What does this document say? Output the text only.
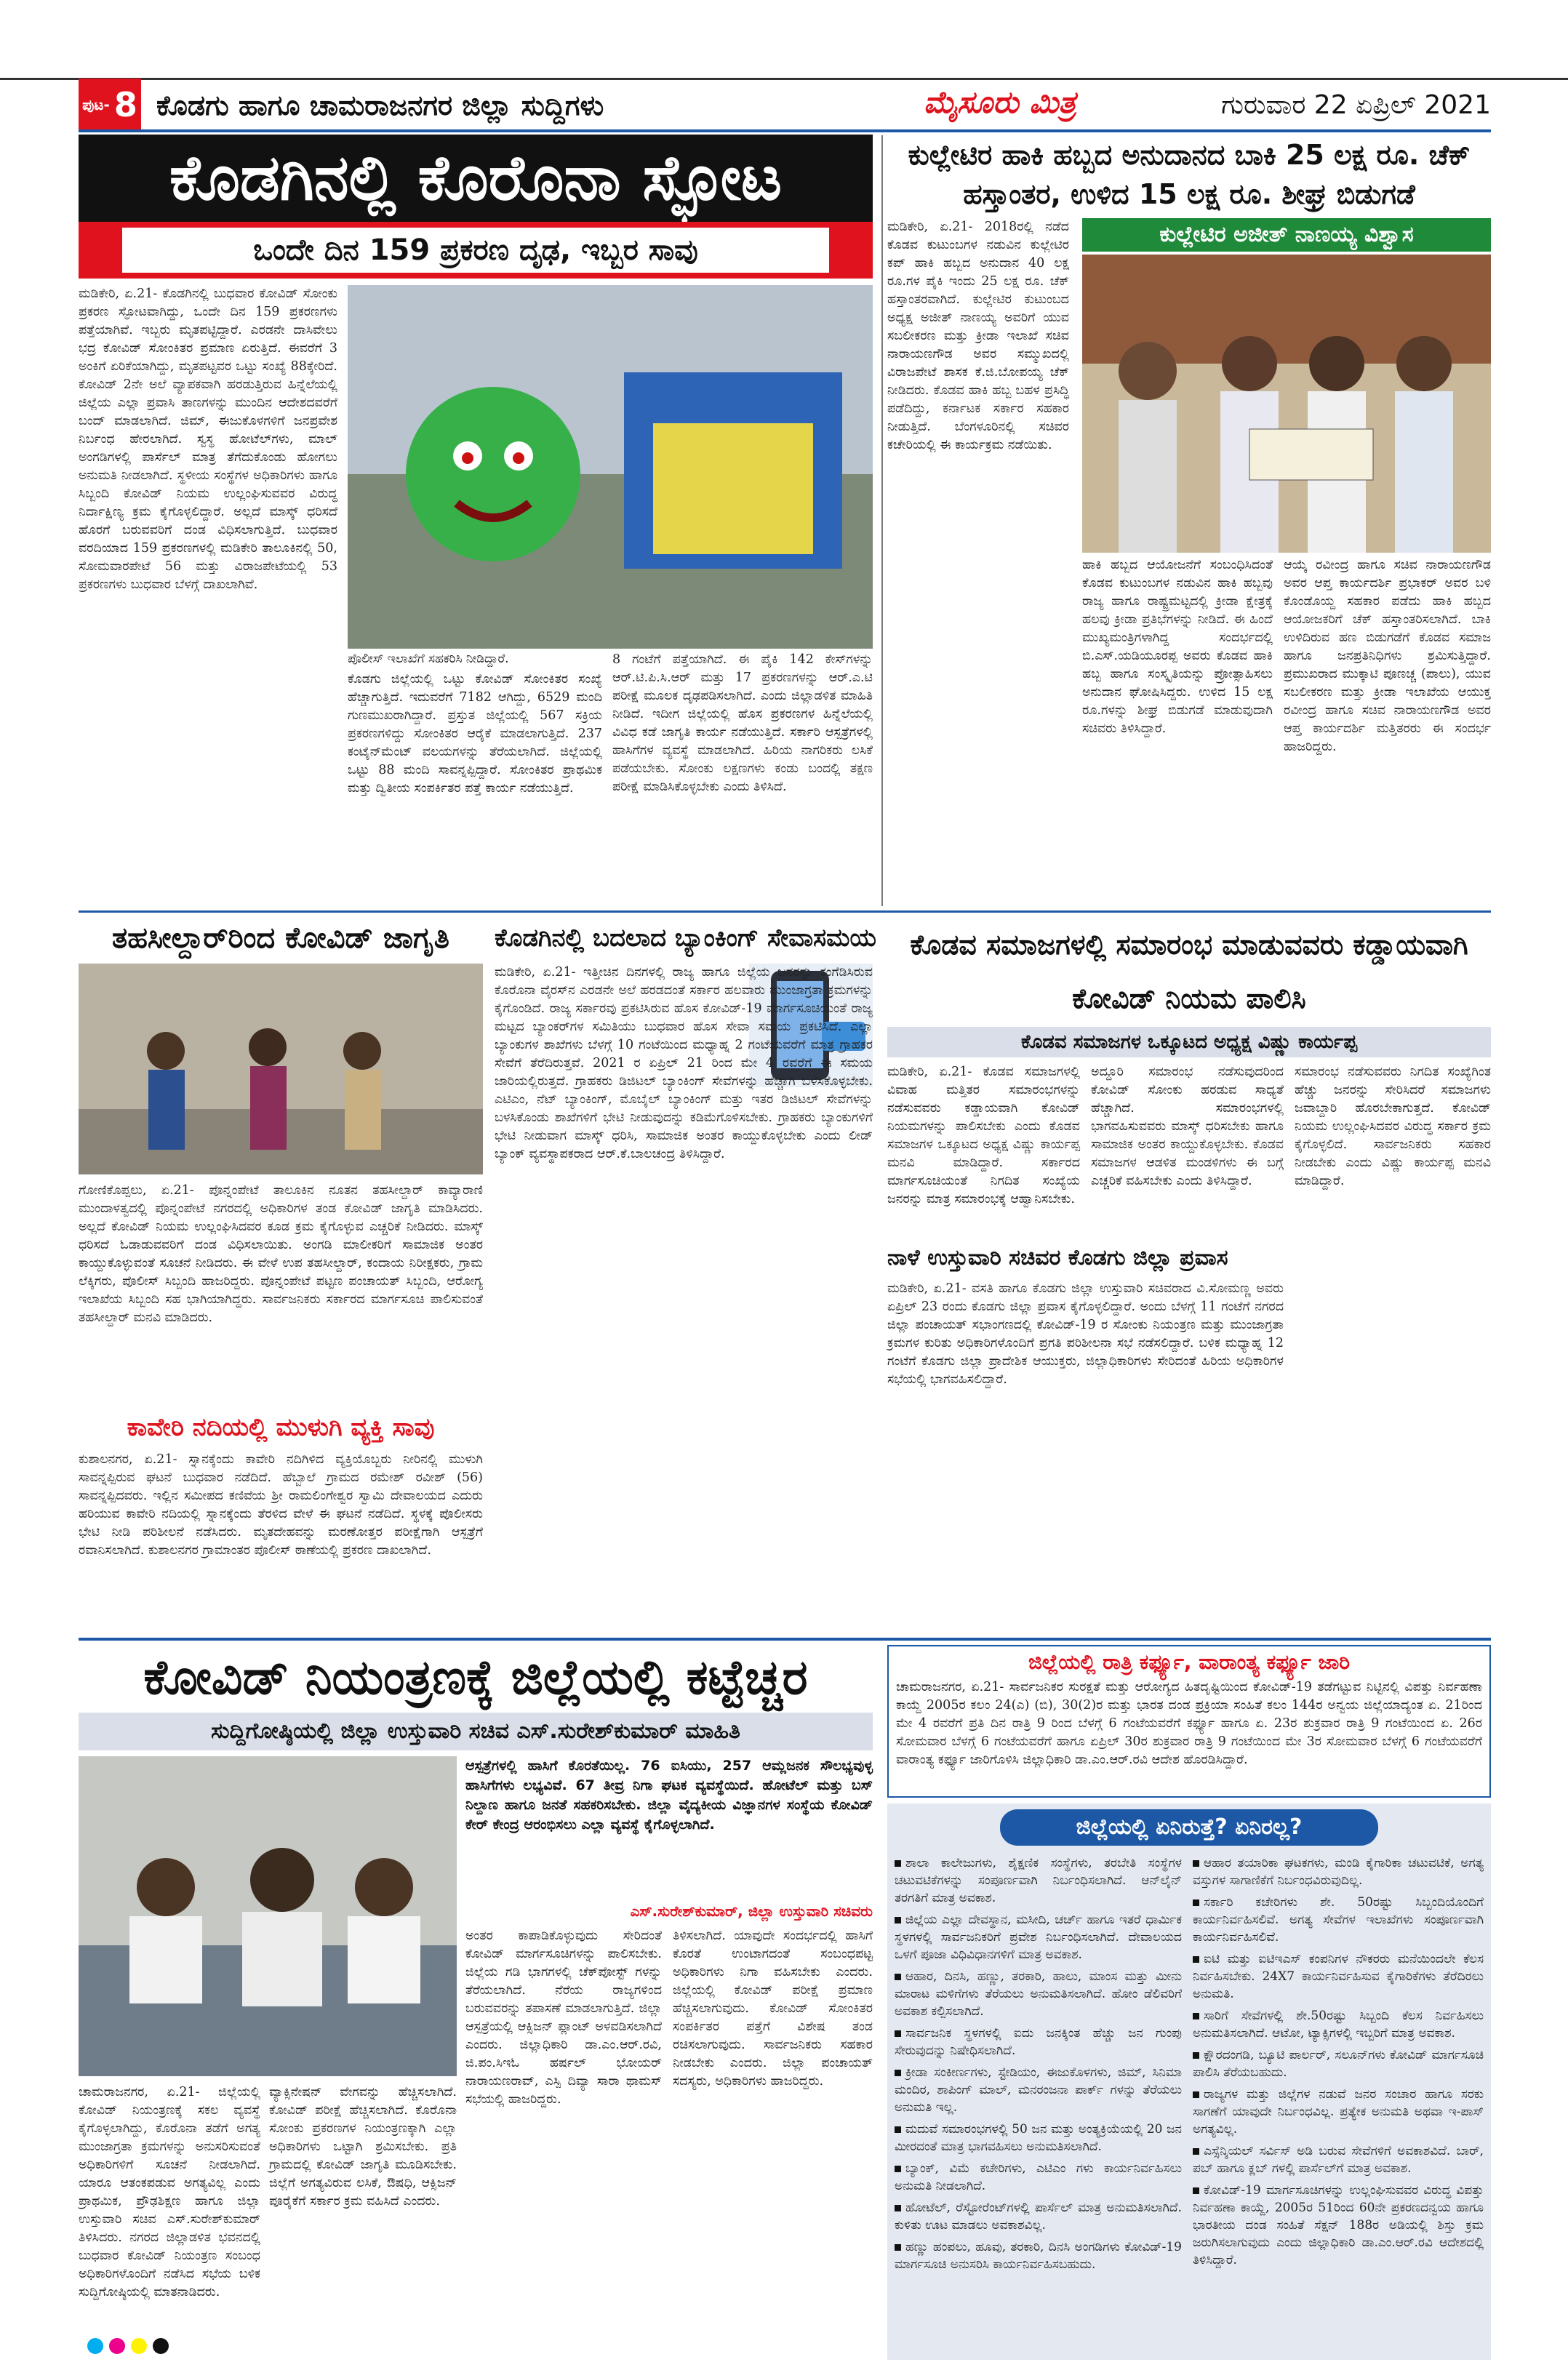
ಪುಟ- 8 ಕೊಡಗು ಹಾಗೂ ಚಾಮರಾಜನಗರ ಜಿಲ್ಲಾ ಸುದ್ದಿಗಳು	ಮೈಸೂರು ಮಿತ್ರ	ಗುರುವಾರ 22 ಏಪ್ರಿಲ್ 2021
ಕೊಡಗಿನಲ್ಲಿ ಕೊರೊನಾ ಸ್ಫೋಟ
ಒಂದೇ ದಿನ 159 ಪ್ರಕರಣ ದೃಢ, ಇಬ್ಬರ ಸಾವು
ಮಡಿಕೇರಿ, ಏ.21- ಕೊಡಗಿನಲ್ಲಿ ಬುಧವಾರ ಕೋವಿಡ್ ಸೋಂಕು ಪ್ರಕರಣ ಸ್ಫೋಟವಾಗಿದ್ದು, ಒಂದೇ ದಿನ 159 ಪ್ರಕರಣಗಳು ಪತ್ತೆಯಾಗಿವೆ. ಇಬ್ಬರು ಮೃತಪಟ್ಟಿದ್ದಾರೆ. ಎರಡನೇ ದಾಸಿವೇಲು ಭದ್ರ ಕೋವಿಡ್ ಸೋಂಕಿತರ ಪ್ರಮಾಣ ಏರುತ್ತಿದೆ. ಈವರೆಗೆ 3 ಅಂಕಿಗೆ ಏರಿಕೆಯಾಗಿದ್ದು, ಮೃತಪಟ್ಟವರ ಒಟ್ಟು ಸಂಖ್ಯೆ 88ಕ್ಕೇರಿದೆ. ಕೋವಿಡ್ 2ನೇ ಅಲೆ ವ್ಯಾಪಕವಾಗಿ ಹರಡುತ್ತಿರುವ ಹಿನ್ನೆಲೆಯಲ್ಲಿ ಜಿಲ್ಲೆಯ ಎಲ್ಲಾ ಪ್ರವಾಸಿ ತಾಣಗಳನ್ನು ಮುಂದಿನ ಆದೇಶದವರೆಗೆ ಬಂದ್ ಮಾಡಲಾಗಿದೆ. ಜಿಮ್, ಈಜುಕೊಳಗಳಿಗೆ ಜನಪ್ರವೇಶ ನಿರ್ಬಂಧ ಹೇರಲಾಗಿದೆ. ಸ್ವಸ್ಥ ಹೋಟೆಲ್‌ಗಳು, ಮಾಲ್ ಅಂಗಡಿಗಳಲ್ಲಿ ಪಾರ್ಸೆಲ್ ಮಾತ್ರ ತೆಗೆದುಕೊಂಡು ಹೋಗಲು ಅನುಮತಿ ನೀಡಲಾಗಿದೆ. ಸ್ಥಳೀಯ ಸಂಸ್ಥೆಗಳ ಅಧಿಕಾರಿಗಳು ಹಾಗೂ ಸಿಬ್ಬಂದಿ ಕೋವಿಡ್ ನಿಯಮ ಉಲ್ಲಂಘಿಸುವವರ ವಿರುದ್ಧ ನಿರ್ದಾಕ್ಷಿಣ್ಯ ಕ್ರಮ ಕೈಗೊಳ್ಳಲಿದ್ದಾರೆ. ಅಲ್ಲದೆ ಮಾಸ್ಕ್ ಧರಿಸದೆ ಹೊರಗೆ ಬರುವವರಿಗೆ ದಂಡ ವಿಧಿಸಲಾಗುತ್ತಿದೆ. ಬುಧವಾರ ವರದಿಯಾದ 159 ಪ್ರಕರಣಗಳಲ್ಲಿ ಮಡಿಕೇರಿ ತಾಲೂಕಿನಲ್ಲಿ 50, ಸೋಮವಾರಪೇಟೆ 56 ಮತ್ತು ವಿರಾಜಪೇಟೆಯಲ್ಲಿ 53 ಪ್ರಕರಣಗಳು ಬುಧವಾರ ಬೆಳಗ್ಗೆ ದಾಖಲಾಗಿವೆ.
ಪೊಲೀಸ್ ಇಲಾಖೆಗೆ ಸಹಕರಿಸಿ ನೀಡಿದ್ದಾರೆ.
ಕೊಡಗು ಜಿಲ್ಲೆಯಲ್ಲಿ ಒಟ್ಟು ಕೋವಿಡ್ ಸೋಂಕಿತರ ಸಂಖ್ಯೆ ಹೆಚ್ಚಾಗುತ್ತಿದೆ. ಇದುವರೆಗೆ 7182 ಆಗಿದ್ದು, 6529 ಮಂದಿ ಗುಣಮುಖರಾಗಿದ್ದಾರೆ. ಪ್ರಸ್ತುತ ಜಿಲ್ಲೆಯಲ್ಲಿ 567 ಸಕ್ರಿಯ ಪ್ರಕರಣಗಳಿದ್ದು ಸೋಂಕಿತರ ಆರೈಕೆ ಮಾಡಲಾಗುತ್ತಿದೆ. 237 ಕಂಟೈನ್‌ಮೆಂಟ್ ವಲಯಗಳನ್ನು ತೆರೆಯಲಾಗಿದೆ. ಜಿಲ್ಲೆಯಲ್ಲಿ ಒಟ್ಟು 88 ಮಂದಿ ಸಾವನ್ನಪ್ಪಿದ್ದಾರೆ. ಸೋಂಕಿತರ ಪ್ರಾಥಮಿಕ ಮತ್ತು ದ್ವಿತೀಯ ಸಂಪರ್ಕಿತರ ಪತ್ತೆ ಕಾರ್ಯ ನಡೆಯುತ್ತಿದೆ.
8 ಗಂಟೆಗೆ ಪತ್ತೆಯಾಗಿದೆ. ಈ ಪೈಕಿ 142 ಕೇಸ್‌ಗಳನ್ನು ಆರ್.ಟಿ.ಪಿ.ಸಿ.ಆರ್ ಮತ್ತು 17 ಪ್ರಕರಣಗಳನ್ನು ಆರ್.ಎ.ಟಿ ಪರೀಕ್ಷೆ ಮೂಲಕ ದೃಢಪಡಿಸಲಾಗಿದೆ. ಎಂದು ಜಿಲ್ಲಾಡಳಿತ ಮಾಹಿತಿ ನೀಡಿದೆ. ಇದೀಗ ಜಿಲ್ಲೆಯಲ್ಲಿ ಹೊಸ ಪ್ರಕರಣಗಳ ಹಿನ್ನೆಲೆಯಲ್ಲಿ ವಿವಿಧ ಕಡೆ ಜಾಗೃತಿ ಕಾರ್ಯ ನಡೆಯುತ್ತಿದೆ. ಸರ್ಕಾರಿ ಆಸ್ಪತ್ರೆಗಳಲ್ಲಿ ಹಾಸಿಗೆಗಳ ವ್ಯವಸ್ಥೆ ಮಾಡಲಾಗಿದೆ. ಹಿರಿಯ ನಾಗರಿಕರು ಲಸಿಕೆ ಪಡೆಯಬೇಕು. ಸೋಂಕು ಲಕ್ಷಣಗಳು ಕಂಡು ಬಂದಲ್ಲಿ ತಕ್ಷಣ ಪರೀಕ್ಷೆ ಮಾಡಿಸಿಕೊಳ್ಳಬೇಕು ಎಂದು ತಿಳಿಸಿದೆ.
ಕುಲ್ಲೇಟಿರ ಹಾಕಿ ಹಬ್ಬದ ಅನುದಾನದ ಬಾಕಿ 25 ಲಕ್ಷ ರೂ. ಚೆಕ್ ಹಸ್ತಾಂತರ, ಉಳಿದ 15 ಲಕ್ಷ ರೂ. ಶೀಘ್ರ ಬಿಡುಗಡೆ
ಮಡಿಕೇರಿ, ಏ.21- 2018ರಲ್ಲಿ ನಡೆದ ಕೊಡವ ಕುಟುಂಬಗಳ ನಡುವಿನ ಕುಲ್ಲೇಟಿರ ಕಪ್ ಹಾಕಿ ಹಬ್ಬದ ಅನುದಾನ 40 ಲಕ್ಷ ರೂ.ಗಳ ಪೈಕಿ ಇಂದು 25 ಲಕ್ಷ ರೂ. ಚೆಕ್ ಹಸ್ತಾಂತರವಾಗಿದೆ. ಕುಲ್ಲೇಟಿರ ಕುಟುಂಬದ ಅಧ್ಯಕ್ಷ ಅಜೀತ್ ನಾಣಯ್ಯ ಅವರಿಗೆ ಯುವ ಸಬಲೀಕರಣ ಮತ್ತು ಕ್ರೀಡಾ ಇಲಾಖೆ ಸಚಿವ ನಾರಾಯಣಗೌಡ ಅವರ ಸಮ್ಮುಖದಲ್ಲಿ ವಿರಾಜಪೇಟೆ ಶಾಸಕ ಕೆ.ಜಿ.ಬೋಪಯ್ಯ ಚೆಕ್ ನೀಡಿದರು. ಕೊಡವ ಹಾಕಿ ಹಬ್ಬ ಬಹಳ ಪ್ರಸಿದ್ಧಿ ಪಡೆದಿದ್ದು, ಕರ್ನಾಟಕ ಸರ್ಕಾರ ಸಹಕಾರ ನೀಡುತ್ತಿದೆ. ಬೆಂಗಳೂರಿನಲ್ಲಿ ಸಚಿವರ ಕಚೇರಿಯಲ್ಲಿ ಈ ಕಾರ್ಯಕ್ರಮ ನಡೆಯಿತು.
ಕುಲ್ಲೇಟಿರ ಅಜೀತ್ ನಾಣಯ್ಯ ವಿಶ್ವಾಸ
ಹಾಕಿ ಹಬ್ಬದ ಆಯೋಜನೆಗೆ ಸಂಬಂಧಿಸಿದಂತೆ ಕೊಡವ ಕುಟುಂಬಗಳ ನಡುವಿನ ಹಾಕಿ ಹಬ್ಬವು ರಾಜ್ಯ ಹಾಗೂ ರಾಷ್ಟ್ರಮಟ್ಟದಲ್ಲಿ ಕ್ರೀಡಾ ಕ್ಷೇತ್ರಕ್ಕೆ ಹಲವು ಕ್ರೀಡಾ ಪ್ರತಿಭೆಗಳನ್ನು ನೀಡಿದೆ. ಈ ಹಿಂದೆ ಮುಖ್ಯಮಂತ್ರಿಗಳಾಗಿದ್ದ ಸಂದರ್ಭದಲ್ಲಿ ಬಿ.ಎಸ್.ಯಡಿಯೂರಪ್ಪ ಅವರು ಕೊಡವ ಹಾಕಿ ಹಬ್ಬ ಹಾಗೂ ಸಂಸ್ಕೃತಿಯನ್ನು ಪ್ರೋತ್ಸಾಹಿಸಲು ಅನುದಾನ ಘೋಷಿಸಿದ್ದರು. ಉಳಿದ 15 ಲಕ್ಷ ರೂ.ಗಳನ್ನು ಶೀಘ್ರ ಬಿಡುಗಡೆ ಮಾಡುವುದಾಗಿ ಸಚಿವರು ತಿಳಿಸಿದ್ದಾರೆ.
ಆಯ್ಕೆ ರವೀಂದ್ರ ಹಾಗೂ ಸಚಿವ ನಾರಾಯಣಗೌಡ ಅವರ ಆಪ್ತ ಕಾರ್ಯದರ್ಶಿ ಪ್ರಭಾಕರ್ ಅವರ ಬಳಿ ಕೊಂಡೊಯ್ದ ಸಹಕಾರ ಪಡೆದು ಹಾಕಿ ಹಬ್ಬದ ಆಯೋಜಕರಿಗೆ ಚೆಕ್ ಹಸ್ತಾಂತರಿಸಲಾಗಿದೆ. ಬಾಕಿ ಉಳಿದಿರುವ ಹಣ ಬಿಡುಗಡೆಗೆ ಕೊಡವ ಸಮಾಜ ಹಾಗೂ ಜನಪ್ರತಿನಿಧಿಗಳು ಶ್ರಮಿಸುತ್ತಿದ್ದಾರೆ. ಪ್ರಮುಖರಾದ ಮುಕ್ಕಾಟಿ ಪೂಣಚ್ಚ (ಪಾಲು), ಯುವ ಸಬಲೀಕರಣ ಮತ್ತು ಕ್ರೀಡಾ ಇಲಾಖೆಯ ಆಯುಕ್ತ ರವೀಂದ್ರ ಹಾಗೂ ಸಚಿವ ನಾರಾಯಣಗೌಡ ಅವರ ಆಪ್ತ ಕಾರ್ಯದರ್ಶಿ ಮತ್ತಿತರರು ಈ ಸಂದರ್ಭ ಹಾಜರಿದ್ದರು.
ತಹಸೀಲ್ದಾರ್‌ರಿಂದ ಕೋವಿಡ್ ಜಾಗೃತಿ
ಗೋಣಿಕೊಪ್ಪಲು, ಏ.21- ಪೊನ್ನಂಪೇಟೆ ತಾಲೂಕಿನ ನೂತನ ತಹಸೀಲ್ದಾರ್ ಕಾವ್ಯಾರಾಣಿ ಮುಂದಾಳತ್ವದಲ್ಲಿ ಪೊನ್ನಂಪೇಟೆ ನಗರದಲ್ಲಿ ಅಧಿಕಾರಿಗಳ ತಂಡ ಕೋವಿಡ್ ಜಾಗೃತಿ ಮಾಡಿಸಿದರು. ಅಲ್ಲದೆ ಕೋವಿಡ್ ನಿಯಮ ಉಲ್ಲಂಘಿಸಿದವರ ಕೂಡ ಕ್ರಮ ಕೈಗೊಳ್ಳುವ ಎಚ್ಚರಿಕೆ ನೀಡಿದರು. ಮಾಸ್ಕ್ ಧರಿಸದೆ ಓಡಾಡುವವರಿಗೆ ದಂಡ ವಿಧಿಸಲಾಯಿತು. ಅಂಗಡಿ ಮಾಲೀಕರಿಗೆ ಸಾಮಾಜಿಕ ಅಂತರ ಕಾಯ್ದುಕೊಳ್ಳುವಂತೆ ಸೂಚನೆ ನೀಡಿದರು. ಈ ವೇಳೆ ಉಪ ತಹಸೀಲ್ದಾರ್, ಕಂದಾಯ ನಿರೀಕ್ಷಕರು, ಗ್ರಾಮ ಲೆಕ್ಕಿಗರು, ಪೊಲೀಸ್ ಸಿಬ್ಬಂದಿ ಹಾಜರಿದ್ದರು. ಪೊನ್ನಂಪೇಟೆ ಪಟ್ಟಣ ಪಂಚಾಯತ್ ಸಿಬ್ಬಂದಿ, ಆರೋಗ್ಯ ಇಲಾಖೆಯ ಸಿಬ್ಬಂದಿ ಸಹ ಭಾಗಿಯಾಗಿದ್ದರು. ಸಾರ್ವಜನಿಕರು ಸರ್ಕಾರದ ಮಾರ್ಗಸೂಚಿ ಪಾಲಿಸುವಂತೆ ತಹಸೀಲ್ದಾರ್ ಮನವಿ ಮಾಡಿದರು.
ಕಾವೇರಿ ನದಿಯಲ್ಲಿ ಮುಳುಗಿ ವ್ಯಕ್ತಿ ಸಾವು
ಕುಶಾಲನಗರ, ಏ.21- ಸ್ನಾನಕ್ಕೆಂದು ಕಾವೇರಿ ನದಿಗಿಳಿದ ವ್ಯಕ್ತಿಯೊಬ್ಬರು ನೀರಿನಲ್ಲಿ ಮುಳುಗಿ ಸಾವನ್ನಪ್ಪಿರುವ ಘಟನೆ ಬುಧವಾರ ನಡೆದಿದೆ. ಹೆಬ್ಬಾಲೆ ಗ್ರಾಮದ ರಮೇಶ್ ರವೀಶ್ (56) ಸಾವನ್ನಪ್ಪಿದವರು. ಇಲ್ಲಿನ ಸಮೀಪದ ಕಣಿವೆಯ ಶ್ರೀ ರಾಮಲಿಂಗೇಶ್ವರ ಸ್ವಾಮಿ ದೇವಾಲಯದ ಎದುರು ಹರಿಯುವ ಕಾವೇರಿ ನದಿಯಲ್ಲಿ ಸ್ನಾನಕ್ಕೆಂದು ತೆರಳಿದ ವೇಳೆ ಈ ಘಟನೆ ನಡೆದಿದೆ. ಸ್ಥಳಕ್ಕೆ ಪೊಲೀಸರು ಭೇಟಿ ನೀಡಿ ಪರಿಶೀಲನೆ ನಡೆಸಿದರು. ಮೃತದೇಹವನ್ನು ಮರಣೋತ್ತರ ಪರೀಕ್ಷೆಗಾಗಿ ಆಸ್ಪತ್ರೆಗೆ ರವಾನಿಸಲಾಗಿದೆ. ಕುಶಾಲನಗರ ಗ್ರಾಮಾಂತರ ಪೊಲೀಸ್ ಠಾಣೆಯಲ್ಲಿ ಪ್ರಕರಣ ದಾಖಲಾಗಿದೆ.
ಕೊಡಗಿನಲ್ಲಿ ಬದಲಾದ ಬ್ಯಾಂಕಿಂಗ್ ಸೇವಾಸಮಯ
ಮಡಿಕೇರಿ, ಏ.21- ಇತ್ತೀಚಿನ ದಿನಗಳಲ್ಲಿ ರಾಜ್ಯ ಹಾಗೂ ಜಿಲ್ಲೆಯ ಜನರನ್ನು ಕಂಗೆಡಿಸಿರುವ ಕೊರೊನಾ ವೈರಸ್‌ನ ಎರಡನೇ ಅಲೆ ಹರಡದಂತೆ ಸರ್ಕಾರ ಹಲವಾರು ಮುಂಜಾಗ್ರತಾ ಕ್ರಮಗಳನ್ನು ಕೈಗೊಂಡಿದೆ. ರಾಜ್ಯ ಸರ್ಕಾರವು ಪ್ರಕಟಿಸಿರುವ ಹೊಸ ಕೋವಿಡ್-19 ಮಾರ್ಗಸೂಚಿಯಂತೆ ರಾಜ್ಯ ಮಟ್ಟದ ಬ್ಯಾಂಕರ್‌ಗಳ ಸಮಿತಿಯು ಬುಧವಾರ ಹೊಸ ಸೇವಾ ಸಮಯ ಪ್ರಕಟಿಸಿದೆ. ಎಲ್ಲಾ ಬ್ಯಾಂಕುಗಳ ಶಾಖೆಗಳು ಬೆಳಗ್ಗೆ 10 ಗಂಟೆಯಿಂದ ಮಧ್ಯಾಹ್ನ 2 ಗಂಟೆಯವರೆಗೆ ಮಾತ್ರ ಗ್ರಾಹಕರ ಸೇವೆಗೆ ತೆರೆದಿರುತ್ತವೆ. 2021 ರ ಏಪ್ರಿಲ್ 21 ರಿಂದ ಮೇ 4 ರವರೆಗೆ ಈ ಸಮಯ ಜಾರಿಯಲ್ಲಿರುತ್ತದೆ. ಗ್ರಾಹಕರು ಡಿಜಿಟಲ್ ಬ್ಯಾಂಕಿಂಗ್ ಸೇವೆಗಳನ್ನು ಹೆಚ್ಚಾಗಿ ಬಳಸಿಕೊಳ್ಳಬೇಕು. ಎಟಿಎಂ, ನೆಟ್ ಬ್ಯಾಂಕಿಂಗ್, ಮೊಬೈಲ್ ಬ್ಯಾಂಕಿಂಗ್ ಮತ್ತು ಇತರ ಡಿಜಿಟಲ್ ಸೇವೆಗಳನ್ನು ಬಳಸಿಕೊಂಡು ಶಾಖೆಗಳಿಗೆ ಭೇಟಿ ನೀಡುವುದನ್ನು ಕಡಿಮೆಗೊಳಿಸಬೇಕು. ಗ್ರಾಹಕರು ಬ್ಯಾಂಕುಗಳಿಗೆ ಭೇಟಿ ನೀಡುವಾಗ ಮಾಸ್ಕ್ ಧರಿಸಿ, ಸಾಮಾಜಿಕ ಅಂತರ ಕಾಯ್ದುಕೊಳ್ಳಬೇಕು ಎಂದು ಲೀಡ್ ಬ್ಯಾಂಕ್ ವ್ಯವಸ್ಥಾಪಕರಾದ ಆರ್.ಕೆ.ಬಾಲಚಂದ್ರ ತಿಳಿಸಿದ್ದಾರೆ.
ಕೊಡವ ಸಮಾಜಗಳಲ್ಲಿ ಸಮಾರಂಭ ಮಾಡುವವರು ಕಡ್ಡಾಯವಾಗಿ ಕೋವಿಡ್ ನಿಯಮ ಪಾಲಿಸಿ
ಕೊಡವ ಸಮಾಜಗಳ ಒಕ್ಕೂಟದ ಅಧ್ಯಕ್ಷ ವಿಷ್ಣು ಕಾರ್ಯಪ್ಪ
ಮಡಿಕೇರಿ, ಏ.21- ಕೊಡವ ಸಮಾಜಗಳಲ್ಲಿ ವಿವಾಹ ಮತ್ತಿತರ ಸಮಾರಂಭಗಳನ್ನು ನಡೆಸುವವರು ಕಡ್ಡಾಯವಾಗಿ ಕೋವಿಡ್ ನಿಯಮಗಳನ್ನು ಪಾಲಿಸಬೇಕು ಎಂದು ಕೊಡವ ಸಮಾಜಗಳ ಒಕ್ಕೂಟದ ಅಧ್ಯಕ್ಷ ವಿಷ್ಣು ಕಾರ್ಯಪ್ಪ ಮನವಿ ಮಾಡಿದ್ದಾರೆ. ಸರ್ಕಾರದ ಮಾರ್ಗಸೂಚಿಯಂತೆ ನಿಗದಿತ ಸಂಖ್ಯೆಯ ಜನರನ್ನು ಮಾತ್ರ ಸಮಾರಂಭಕ್ಕೆ ಆಹ್ವಾನಿಸಬೇಕು.
ಅದ್ದೂರಿ ಸಮಾರಂಭ ನಡೆಸುವುದರಿಂದ ಕೋವಿಡ್ ಸೋಂಕು ಹರಡುವ ಸಾಧ್ಯತೆ ಹೆಚ್ಚಾಗಿದೆ. ಸಮಾರಂಭಗಳಲ್ಲಿ ಭಾಗವಹಿಸುವವರು ಮಾಸ್ಕ್ ಧರಿಸಬೇಕು ಹಾಗೂ ಸಾಮಾಜಿಕ ಅಂತರ ಕಾಯ್ದುಕೊಳ್ಳಬೇಕು. ಕೊಡವ ಸಮಾಜಗಳ ಆಡಳಿತ ಮಂಡಳಿಗಳು ಈ ಬಗ್ಗೆ ಎಚ್ಚರಿಕೆ ವಹಿಸಬೇಕು ಎಂದು ತಿಳಿಸಿದ್ದಾರೆ.
ಸಮಾರಂಭ ನಡೆಸುವವರು ನಿಗದಿತ ಸಂಖ್ಯೆಗಿಂತ ಹೆಚ್ಚು ಜನರನ್ನು ಸೇರಿಸಿದರೆ ಸಮಾಜಗಳು ಜವಾಬ್ದಾರಿ ಹೊರಬೇಕಾಗುತ್ತದೆ. ಕೋವಿಡ್ ನಿಯಮ ಉಲ್ಲಂಘಿಸಿದವರ ವಿರುದ್ಧ ಸರ್ಕಾರ ಕ್ರಮ ಕೈಗೊಳ್ಳಲಿದೆ. ಸಾರ್ವಜನಿಕರು ಸಹಕಾರ ನೀಡಬೇಕು ಎಂದು ವಿಷ್ಣು ಕಾರ್ಯಪ್ಪ ಮನವಿ ಮಾಡಿದ್ದಾರೆ.
ನಾಳೆ ಉಸ್ತುವಾರಿ ಸಚಿವರ ಕೊಡಗು ಜಿಲ್ಲಾ ಪ್ರವಾಸ
ಮಡಿಕೇರಿ, ಏ.21- ವಸತಿ ಹಾಗೂ ಕೊಡಗು ಜಿಲ್ಲಾ ಉಸ್ತುವಾರಿ ಸಚಿವರಾದ ವಿ.ಸೋಮಣ್ಣ ಅವರು ಏಪ್ರಿಲ್ 23 ರಂದು ಕೊಡಗು ಜಿಲ್ಲಾ ಪ್ರವಾಸ ಕೈಗೊಳ್ಳಲಿದ್ದಾರೆ. ಅಂದು ಬೆಳಗ್ಗೆ 11 ಗಂಟೆಗೆ ನಗರದ ಜಿಲ್ಲಾ ಪಂಚಾಯತ್ ಸಭಾಂಗಣದಲ್ಲಿ ಕೋವಿಡ್-19 ರ ಸೋಂಕು ನಿಯಂತ್ರಣ ಮತ್ತು ಮುಂಜಾಗ್ರತಾ ಕ್ರಮಗಳ ಕುರಿತು ಅಧಿಕಾರಿಗಳೊಂದಿಗೆ ಪ್ರಗತಿ ಪರಿಶೀಲನಾ ಸಭೆ ನಡೆಸಲಿದ್ದಾರೆ. ಬಳಿಕ ಮಧ್ಯಾಹ್ನ 12 ಗಂಟೆಗೆ ಕೊಡಗು ಜಿಲ್ಲಾ ಪ್ರಾದೇಶಿಕ ಆಯುಕ್ತರು, ಜಿಲ್ಲಾಧಿಕಾರಿಗಳು ಸೇರಿದಂತೆ ಹಿರಿಯ ಅಧಿಕಾರಿಗಳ ಸಭೆಯಲ್ಲಿ ಭಾಗವಹಿಸಲಿದ್ದಾರೆ.
ಕೋವಿಡ್ ನಿಯಂತ್ರಣಕ್ಕೆ ಜಿಲ್ಲೆಯಲ್ಲಿ ಕಟ್ಟೆಚ್ಚರ
ಸುದ್ದಿಗೋಷ್ಠಿಯಲ್ಲಿ ಜಿಲ್ಲಾ ಉಸ್ತುವಾರಿ ಸಚಿವ ಎಸ್.ಸುರೇಶ್‌ಕುಮಾರ್ ಮಾಹಿತಿ
ಆಸ್ಪತ್ರೆಗಳಲ್ಲಿ ಹಾಸಿಗೆ ಕೊರತೆಯಿಲ್ಲ. 76 ಐಸಿಯು, 257 ಆಮ್ಲಜನಕ ಸೌಲಭ್ಯವುಳ್ಳ ಹಾಸಿಗೆಗಳು ಲಭ್ಯವಿವೆ. 67 ತೀವ್ರ ನಿಗಾ ಘಟಕ ವ್ಯವಸ್ಥೆಯಿದೆ. ಹೋಟೆಲ್ ಮತ್ತು ಬಸ್ ನಿಲ್ದಾಣ ಹಾಗೂ ಜನತೆ ಸಹಕರಿಸಬೇಕು. ಜಿಲ್ಲಾ ವೈದ್ಯಕೀಯ ವಿಜ್ಞಾನಗಳ ಸಂಸ್ಥೆಯ ಕೋವಿಡ್ ಕೇರ್ ಕೇಂದ್ರ ಆರಂಭಿಸಲು ಎಲ್ಲಾ ವ್ಯವಸ್ಥೆ ಕೈಗೊಳ್ಳಲಾಗಿದೆ.
ಎಸ್.ಸುರೇಶ್‌ಕುಮಾರ್, ಜಿಲ್ಲಾ ಉಸ್ತುವಾರಿ ಸಚಿವರು
ಚಾಮರಾಜನಗರ, ಏ.21- ಜಿಲ್ಲೆಯಲ್ಲಿ ಕೋವಿಡ್ ನಿಯಂತ್ರಣಕ್ಕೆ ಸಕಲ ವ್ಯವಸ್ಥೆ ಕೈಗೊಳ್ಳಲಾಗಿದ್ದು, ಕೊರೊನಾ ತಡೆಗೆ ಅಗತ್ಯ ಮುಂಜಾಗ್ರತಾ ಕ್ರಮಗಳನ್ನು ಅನುಸರಿಸುವಂತೆ ಅಧಿಕಾರಿಗಳಿಗೆ ಸೂಚನೆ ನೀಡಲಾಗಿದೆ. ಯಾರೂ ಆತಂಕಪಡುವ ಅಗತ್ಯವಿಲ್ಲ ಎಂದು ಪ್ರಾಥಮಿಕ, ಪ್ರೌಢಶಿಕ್ಷಣ ಹಾಗೂ ಜಿಲ್ಲಾ ಉಸ್ತುವಾರಿ ಸಚಿವ ಎಸ್.ಸುರೇಶ್‌ಕುಮಾರ್ ತಿಳಿಸಿದರು. ನಗರದ ಜಿಲ್ಲಾಡಳಿತ ಭವನದಲ್ಲಿ ಬುಧವಾರ ಕೋವಿಡ್ ನಿಯಂತ್ರಣ ಸಂಬಂಧ ಅಧಿಕಾರಿಗಳೊಂದಿಗೆ ನಡೆಸಿದ ಸಭೆಯ ಬಳಿಕ ಸುದ್ದಿಗೋಷ್ಠಿಯಲ್ಲಿ ಮಾತನಾಡಿದರು.
ವ್ಯಾಕ್ಸಿನೇಷನ್ ವೇಗವನ್ನು ಹೆಚ್ಚಿಸಲಾಗಿದೆ. ಕೋವಿಡ್ ಪರೀಕ್ಷೆ ಹೆಚ್ಚಿಸಲಾಗಿದೆ. ಕೊರೊನಾ ಸೋಂಕು ಪ್ರಕರಣಗಳ ನಿಯಂತ್ರಣಕ್ಕಾಗಿ ಎಲ್ಲಾ ಅಧಿಕಾರಿಗಳು ಒಟ್ಟಾಗಿ ಶ್ರಮಿಸಬೇಕು. ಪ್ರತಿ ಗ್ರಾಮದಲ್ಲಿ ಕೋವಿಡ್ ಜಾಗೃತಿ ಮೂಡಿಸಬೇಕು. ಜಿಲ್ಲೆಗೆ ಅಗತ್ಯವಿರುವ ಲಸಿಕೆ, ಔಷಧಿ, ಆಕ್ಸಿಜನ್ ಪೂರೈಕೆಗೆ ಸರ್ಕಾರ ಕ್ರಮ ವಹಿಸಿದೆ ಎಂದರು.
ಅಂತರ ಕಾಪಾಡಿಕೊಳ್ಳುವುದು ಸೇರಿದಂತೆ ಕೋವಿಡ್ ಮಾರ್ಗಸೂಚಿಗಳನ್ನು ಪಾಲಿಸಬೇಕು. ಜಿಲ್ಲೆಯ ಗಡಿ ಭಾಗಗಳಲ್ಲಿ ಚೆಕ್‌ಪೋಸ್ಟ್ ಗಳನ್ನು ತೆರೆಯಲಾಗಿದೆ. ನೆರೆಯ ರಾಜ್ಯಗಳಿಂದ ಬರುವವರನ್ನು ತಪಾಸಣೆ ಮಾಡಲಾಗುತ್ತಿದೆ. ಜಿಲ್ಲಾ ಆಸ್ಪತ್ರೆಯಲ್ಲಿ ಆಕ್ಸಿಜನ್ ಪ್ಲಾಂಟ್ ಅಳವಡಿಸಲಾಗಿದೆ ಎಂದರು. ಜಿಲ್ಲಾಧಿಕಾರಿ ಡಾ.ಎಂ.ಆರ್.ರವಿ, ಜಿ.ಪಂ.ಸಿಇಓ ಹರ್ಷಲ್ ಭೋಯರ್ ನಾರಾಯಣರಾವ್, ಎಸ್ಪಿ ದಿವ್ಯಾ ಸಾರಾ ಥಾಮಸ್ ಸಭೆಯಲ್ಲಿ ಹಾಜರಿದ್ದರು.
ತಿಳಿಸಲಾಗಿದೆ. ಯಾವುದೇ ಸಂದರ್ಭದಲ್ಲಿ ಹಾಸಿಗೆ ಕೊರತೆ ಉಂಟಾಗದಂತೆ ಸಂಬಂಧಪಟ್ಟ ಅಧಿಕಾರಿಗಳು ನಿಗಾ ವಹಿಸಬೇಕು ಎಂದರು. ಜಿಲ್ಲೆಯಲ್ಲಿ ಕೋವಿಡ್ ಪರೀಕ್ಷೆ ಪ್ರಮಾಣ ಹೆಚ್ಚಿಸಲಾಗುವುದು. ಕೋವಿಡ್ ಸೋಂಕಿತರ ಸಂಪರ್ಕಿತರ ಪತ್ತೆಗೆ ವಿಶೇಷ ತಂಡ ರಚಿಸಲಾಗುವುದು. ಸಾರ್ವಜನಿಕರು ಸಹಕಾರ ನೀಡಬೇಕು ಎಂದರು. ಜಿಲ್ಲಾ ಪಂಚಾಯತ್ ಸದಸ್ಯರು, ಅಧಿಕಾರಿಗಳು ಹಾಜರಿದ್ದರು.
ಜಿಲ್ಲೆಯಲ್ಲಿ ರಾತ್ರಿ ಕರ್ಫ್ಯೂ, ವಾರಾಂತ್ಯ ಕರ್ಫ್ಯೂ ಜಾರಿ
ಚಾಮರಾಜನಗರ, ಏ.21- ಸಾರ್ವಜನಿಕರ ಸುರಕ್ಷತೆ ಮತ್ತು ಆರೋಗ್ಯದ ಹಿತದೃಷ್ಟಿಯಿಂದ ಕೋವಿಡ್-19 ತಡೆಗಟ್ಟುವ ನಿಟ್ಟಿನಲ್ಲಿ ವಿಪತ್ತು ನಿರ್ವಹಣಾ ಕಾಯ್ದೆ 2005ರ ಕಲಂ 24(ಎ) (ಬಿ), 30(2)ರ ಮತ್ತು ಭಾರತ ದಂಡ ಪ್ರಕ್ರಿಯಾ ಸಂಹಿತೆ ಕಲಂ 144ರ ಅನ್ವಯ ಜಿಲ್ಲೆಯಾದ್ಯಂತ ಏ. 21ರಿಂದ ಮೇ 4 ರವರೆಗೆ ಪ್ರತಿ ದಿನ ರಾತ್ರಿ 9 ರಿಂದ ಬೆಳಗ್ಗೆ 6 ಗಂಟೆಯವರೆಗೆ ಕರ್ಫ್ಯೂ ಹಾಗೂ ಏ. 23ರ ಶುಕ್ರವಾರ ರಾತ್ರಿ 9 ಗಂಟೆಯಿಂದ ಏ. 26ರ ಸೋಮವಾರ ಬೆಳಗ್ಗೆ 6 ಗಂಟೆಯವರೆಗೆ ಹಾಗೂ ಏಪ್ರಿಲ್ 30ರ ಶುಕ್ರವಾರ ರಾತ್ರಿ 9 ಗಂಟೆಯಿಂದ ಮೇ 3ರ ಸೋಮವಾರ ಬೆಳಗ್ಗೆ 6 ಗಂಟೆಯವರೆಗೆ ವಾರಾಂತ್ಯ ಕರ್ಫ್ಯೂ ಜಾರಿಗೊಳಿಸಿ ಜಿಲ್ಲಾಧಿಕಾರಿ ಡಾ.ಎಂ.ಆರ್.ರವಿ ಆದೇಶ ಹೊರಡಿಸಿದ್ದಾರೆ.
ಜಿಲ್ಲೆಯಲ್ಲಿ ಏನಿರುತ್ತೆ? ಏನಿರಲ್ಲ?

ಶಾಲಾ ಕಾಲೇಜುಗಳು, ಶೈಕ್ಷಣಿಕ ಸಂಸ್ಥೆಗಳು, ತರಬೇತಿ ಸಂಸ್ಥೆಗಳ ಚಟುವಟಿಕೆಗಳನ್ನು ಸಂಪೂರ್ಣವಾಗಿ ನಿರ್ಬಂಧಿಸಲಾಗಿದೆ. ಆನ್‌ಲೈನ್ ತರಗತಿಗೆ ಮಾತ್ರ ಅವಕಾಶ.

ಜಿಲ್ಲೆಯ ಎಲ್ಲಾ ದೇವಸ್ಥಾನ, ಮಸೀದಿ, ಚರ್ಚ್ ಹಾಗೂ ಇತರೆ ಧಾರ್ಮಿಕ ಸ್ಥಳಗಳಲ್ಲಿ ಸಾರ್ವಜನಿಕರಿಗೆ ಪ್ರವೇಶ ನಿರ್ಬಂಧಿಸಲಾಗಿದೆ. ದೇವಾಲಯದ ಒಳಗೆ ಪೂಜಾ ವಿಧಿವಿಧಾನಗಳಿಗೆ ಮಾತ್ರ ಅವಕಾಶ.

ಆಹಾರ, ದಿನಸಿ, ಹಣ್ಣು, ತರಕಾರಿ, ಹಾಲು, ಮಾಂಸ ಮತ್ತು ಮೀನು ಮಾರಾಟ ಮಳಿಗೆಗಳು ತೆರೆಯಲು ಅನುಮತಿಸಲಾಗಿದೆ. ಹೋಂ ಡೆಲಿವರಿಗೆ ಅವಕಾಶ ಕಲ್ಪಿಸಲಾಗಿದೆ.

ಸಾರ್ವಜನಿಕ ಸ್ಥಳಗಳಲ್ಲಿ ಐದು ಜನಕ್ಕಿಂತ ಹೆಚ್ಚು ಜನ ಗುಂಪು ಸೇರುವುದನ್ನು ನಿಷೇಧಿಸಲಾಗಿದೆ.

ಕ್ರೀಡಾ ಸಂಕೀರ್ಣಗಳು, ಸ್ಟೇಡಿಯಂ, ಈಜುಕೊಳಗಳು, ಜಿಮ್, ಸಿನಿಮಾ ಮಂದಿರ, ಶಾಪಿಂಗ್ ಮಾಲ್, ಮನರಂಜನಾ ಪಾರ್ಕ್ ಗಳನ್ನು ತೆರೆಯಲು ಅನುಮತಿ ಇಲ್ಲ.

ಮದುವೆ ಸಮಾರಂಭಗಳಲ್ಲಿ 50 ಜನ ಮತ್ತು ಅಂತ್ಯಕ್ರಿಯೆಯಲ್ಲಿ 20 ಜನ ಮೀರದಂತೆ ಮಾತ್ರ ಭಾಗವಹಿಸಲು ಅನುಮತಿಸಲಾಗಿದೆ.

ಬ್ಯಾಂಕ್, ವಿಮೆ ಕಚೇರಿಗಳು, ಎಟಿಎಂ ಗಳು ಕಾರ್ಯನಿರ್ವಹಿಸಲು ಅನುಮತಿ ನೀಡಲಾಗಿದೆ.

ಹೋಟೆಲ್, ರೆಸ್ಟೋರೆಂಟ್‌ಗಳಲ್ಲಿ ಪಾರ್ಸೆಲ್ ಮಾತ್ರ ಅನುಮತಿಸಲಾಗಿದೆ. ಕುಳಿತು ಊಟ ಮಾಡಲು ಅವಕಾಶವಿಲ್ಲ.

ಹಣ್ಣು ಹಂಪಲು, ಹೂವು, ತರಕಾರಿ, ದಿನಸಿ ಅಂಗಡಿಗಳು ಕೋವಿಡ್-19 ಮಾರ್ಗಸೂಚಿ ಅನುಸರಿಸಿ ಕಾರ್ಯನಿರ್ವಹಿಸಬಹುದು.

ಆಹಾರ ತಯಾರಿಕಾ ಘಟಕಗಳು, ಮಂಡಿ ಕೈಗಾರಿಕಾ ಚಟುವಟಿಕೆ, ಅಗತ್ಯ ವಸ್ತುಗಳ ಸಾಗಾಣಿಕೆಗೆ ನಿರ್ಬಂಧವಿರುವುದಿಲ್ಲ.

ಸರ್ಕಾರಿ ಕಚೇರಿಗಳು ಶೇ. 50ರಷ್ಟು ಸಿಬ್ಬಂದಿಯೊಂದಿಗೆ ಕಾರ್ಯನಿರ್ವಹಿಸಲಿವೆ. ಅಗತ್ಯ ಸೇವೆಗಳ ಇಲಾಖೆಗಳು ಸಂಪೂರ್ಣವಾಗಿ ಕಾರ್ಯನಿರ್ವಹಿಸಲಿವೆ.

ಐಟಿ ಮತ್ತು ಐಟಿಇಎಸ್ ಕಂಪನಿಗಳ ನೌಕರರು ಮನೆಯಿಂದಲೇ ಕೆಲಸ ನಿರ್ವಹಿಸಬೇಕು. 24X7 ಕಾರ್ಯನಿರ್ವಹಿಸುವ ಕೈಗಾರಿಕೆಗಳು ತೆರೆದಿರಲು ಅನುಮತಿ.

ಸಾರಿಗೆ ಸೇವೆಗಳಲ್ಲಿ ಶೇ.50ರಷ್ಟು ಸಿಬ್ಬಂದಿ ಕೆಲಸ ನಿರ್ವಹಿಸಲು ಅನುಮತಿಸಲಾಗಿದೆ. ಆಟೋ, ಟ್ಯಾಕ್ಸಿಗಳಲ್ಲಿ ಇಬ್ಬರಿಗೆ ಮಾತ್ರ ಅವಕಾಶ.

ಕ್ಷೌರದಂಗಡಿ, ಬ್ಯೂಟಿ ಪಾರ್ಲರ್, ಸಲೂನ್‌ಗಳು ಕೋವಿಡ್ ಮಾರ್ಗಸೂಚಿ ಪಾಲಿಸಿ ತೆರೆಯಬಹುದು.

ರಾಜ್ಯಗಳ ಮತ್ತು ಜಿಲ್ಲೆಗಳ ನಡುವೆ ಜನರ ಸಂಚಾರ ಹಾಗೂ ಸರಕು ಸಾಗಣೆಗೆ ಯಾವುದೇ ನಿರ್ಬಂಧವಿಲ್ಲ. ಪ್ರತ್ಯೇಕ ಅನುಮತಿ ಅಥವಾ ಇ-ಪಾಸ್ ಅಗತ್ಯವಿಲ್ಲ.

ಎಸ್ಸೆನ್ಶಿಯಲ್ ಸರ್ವಿಸ್ ಅಡಿ ಬರುವ ಸೇವೆಗಳಿಗೆ ಅವಕಾಶವಿದೆ. ಬಾರ್, ಪಬ್ ಹಾಗೂ ಕ್ಲಬ್ ಗಳಲ್ಲಿ ಪಾರ್ಸೆಲ್‌ಗೆ ಮಾತ್ರ ಅವಕಾಶ.

ಕೋವಿಡ್-19 ಮಾರ್ಗಸೂಚಿಗಳನ್ನು ಉಲ್ಲಂಘಿಸುವವರ ವಿರುದ್ಧ ವಿಪತ್ತು ನಿರ್ವಹಣಾ ಕಾಯ್ದೆ, 2005ರ 51ರಿಂದ 60ನೇ ಪ್ರಕರಣದನ್ವಯ ಹಾಗೂ ಭಾರತೀಯ ದಂಡ ಸಂಹಿತೆ ಸೆಕ್ಷನ್ 188ರ ಅಡಿಯಲ್ಲಿ ಶಿಸ್ತು ಕ್ರಮ ಜರುಗಿಸಲಾಗುವುದು ಎಂದು ಜಿಲ್ಲಾಧಿಕಾರಿ ಡಾ.ಎಂ.ಆರ್.ರವಿ ಆದೇಶದಲ್ಲಿ ತಿಳಿಸಿದ್ದಾರೆ.
